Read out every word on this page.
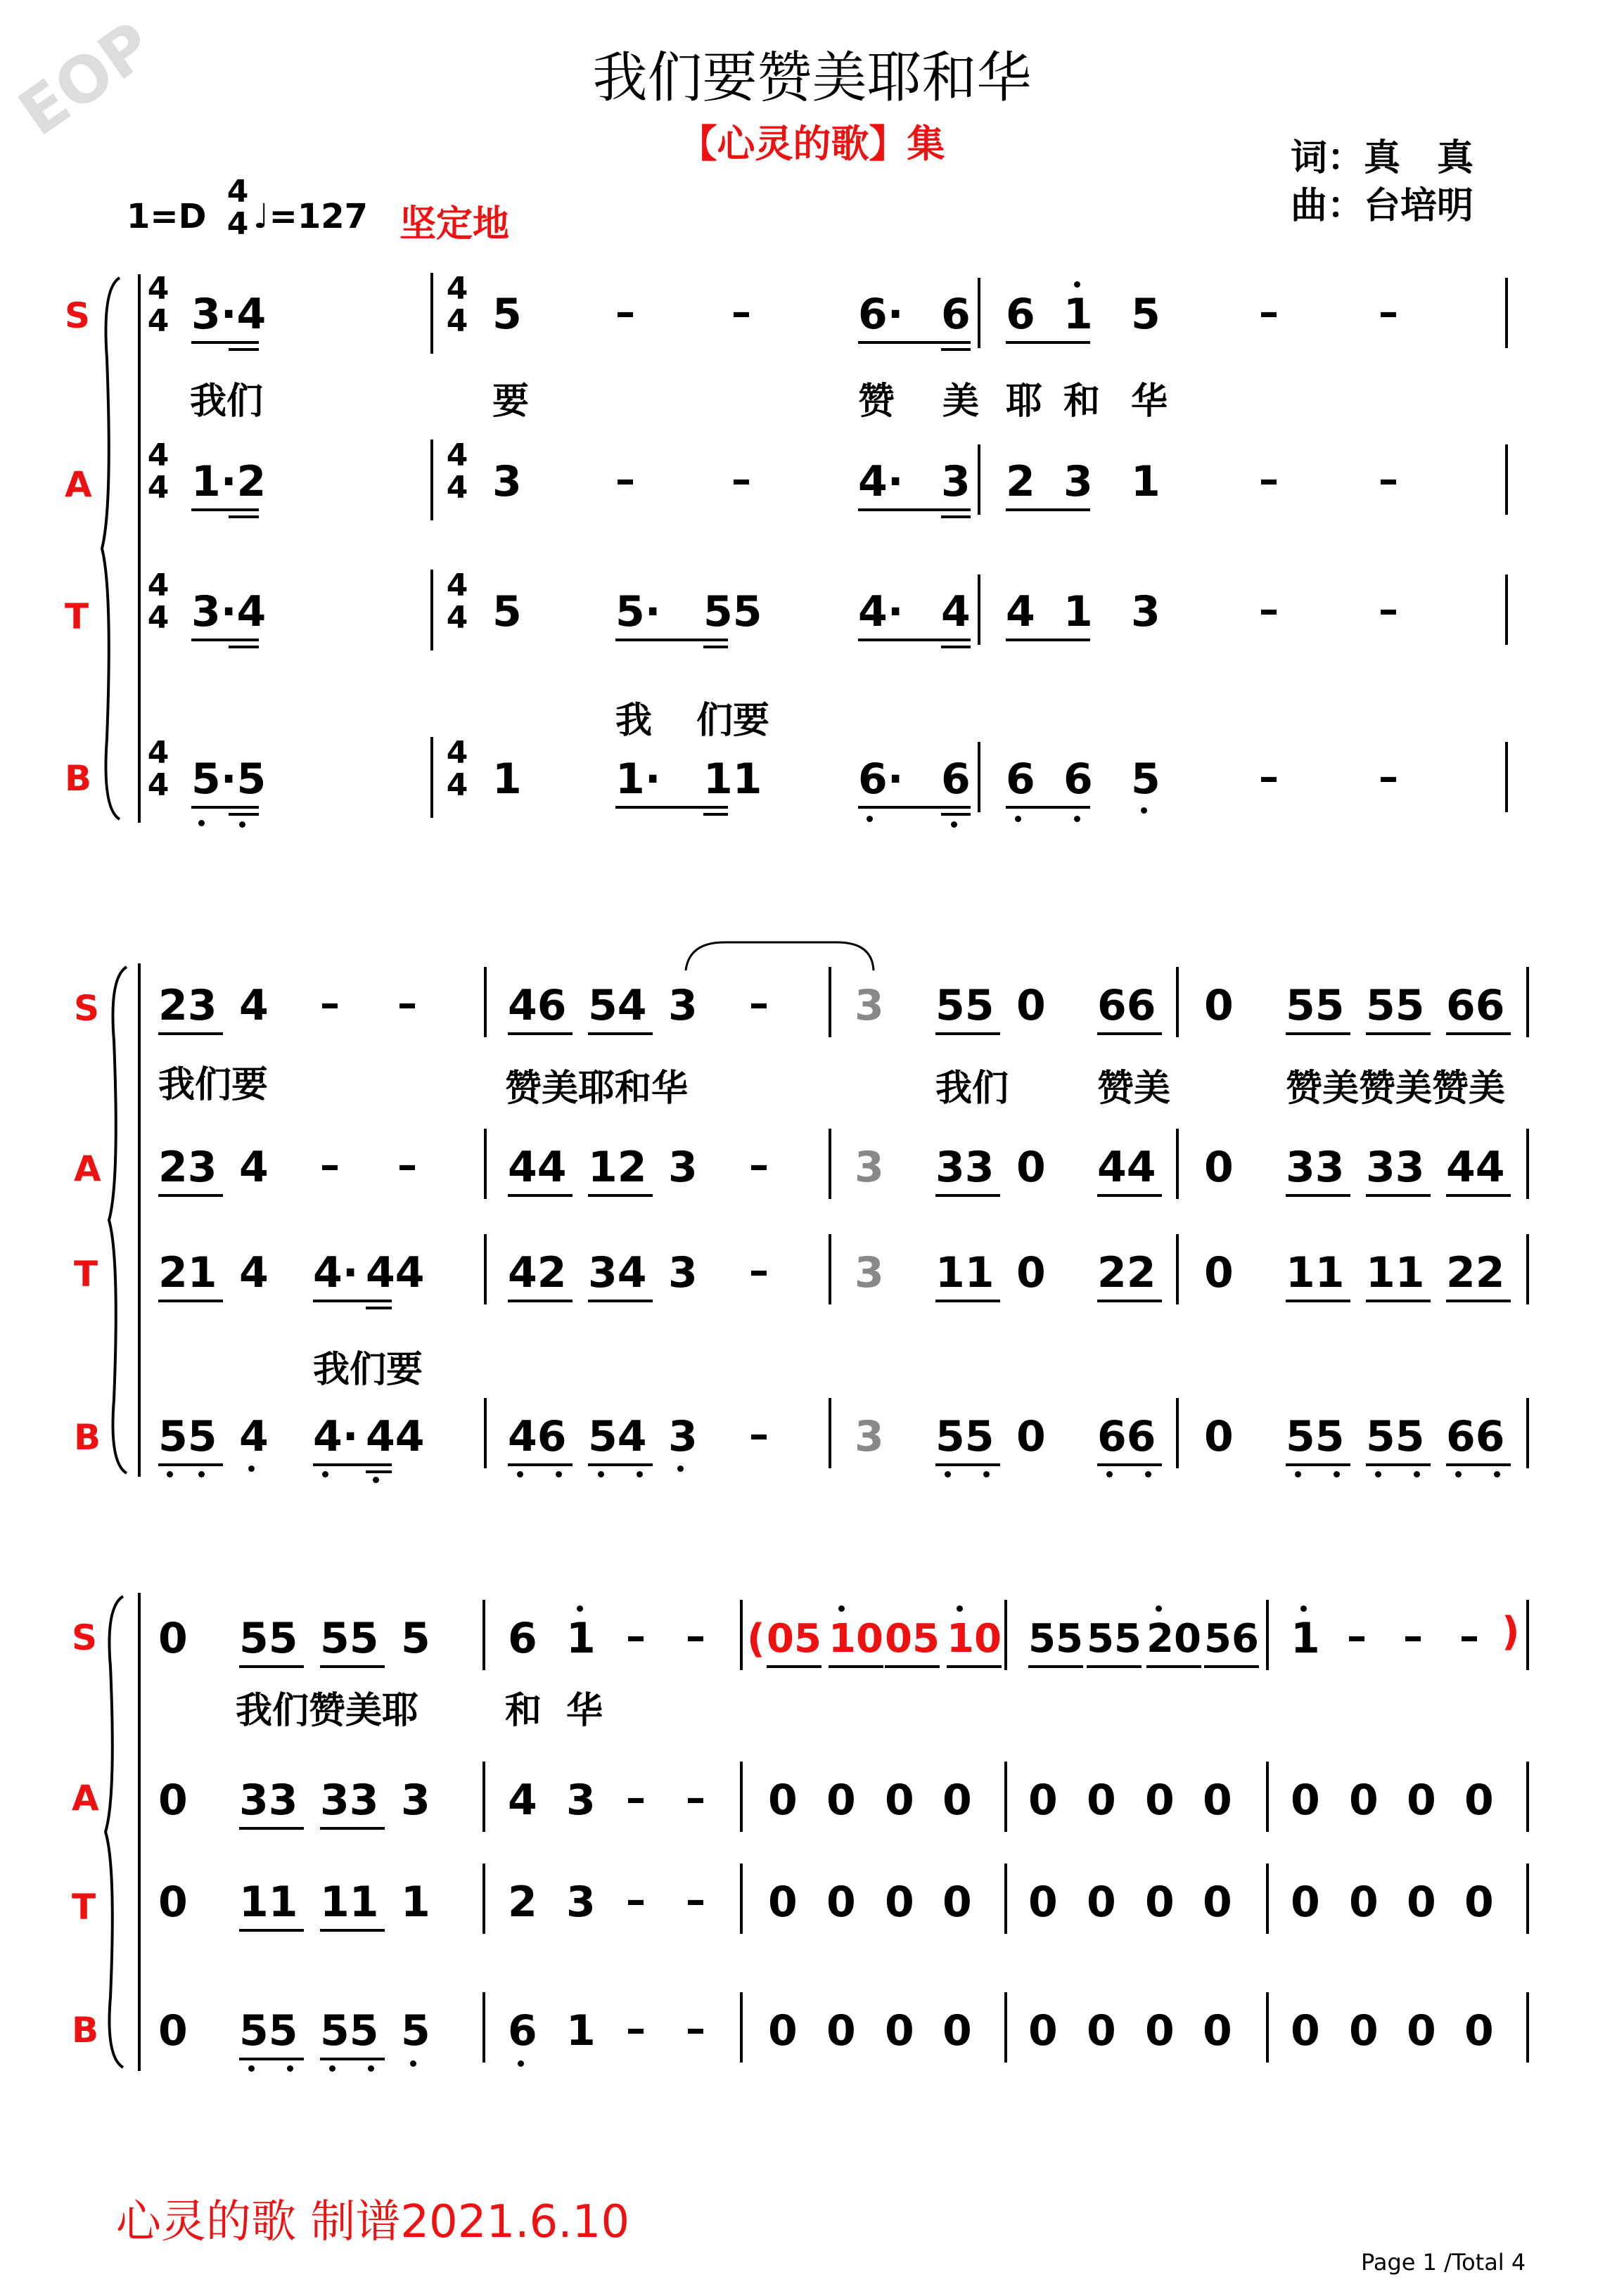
EOP	我们要赞美耶和华
【心灵的歌】集	词：真　真
曲：台培明
1=D
4
4 ♩=127 坚定地
S
A
T
B
4
4
4
4
4
4
4
4
4
4
4
4
4
4
4
4
3·4	5 – –	6· 6 6 1 5	–	–
我们	要	赞 美 耶 和 华
1·2	3 – –	4· 3 2 3 1	–	–
3·4	5 5· 55 4· 4 4 1 3	–	–
我 们要
5·5	1 1· 11 6· 6 6 6 5	–	–
S
A
T
B
23 4 – – 46 54 3 – 3 55 0 66 0 55 55 66
我们要	赞美耶和华	我们 赞美	赞美赞美赞美
23 4 – – 44 12 3 – 3 33 0 44 0 33 33 44
21 4 4· 44 42 34 3 – 3 11 0 22 0 11 11 22
我们要
55 4 4· 44 46 54 3 – 3 55 0 66 0 55 55 66
S
A
T
B
0 55 55 5 6 1 – – ( 05 10 05 10 55 55 20 56 1 – – – )
我们赞美耶 和 华
0 33 33 3 4 3 – – 0 0 0 0 0 0 0 0 0 0 0 0
0 11 11 1 2 3 – – 0 0 0 0 0 0 0 0 0 0 0 0
0 55 55 5 6 1 – – 0 0 0 0 0 0 0 0 0 0 0 0
心灵的歌 制谱2021.6.10
Page 1 /Total 4
